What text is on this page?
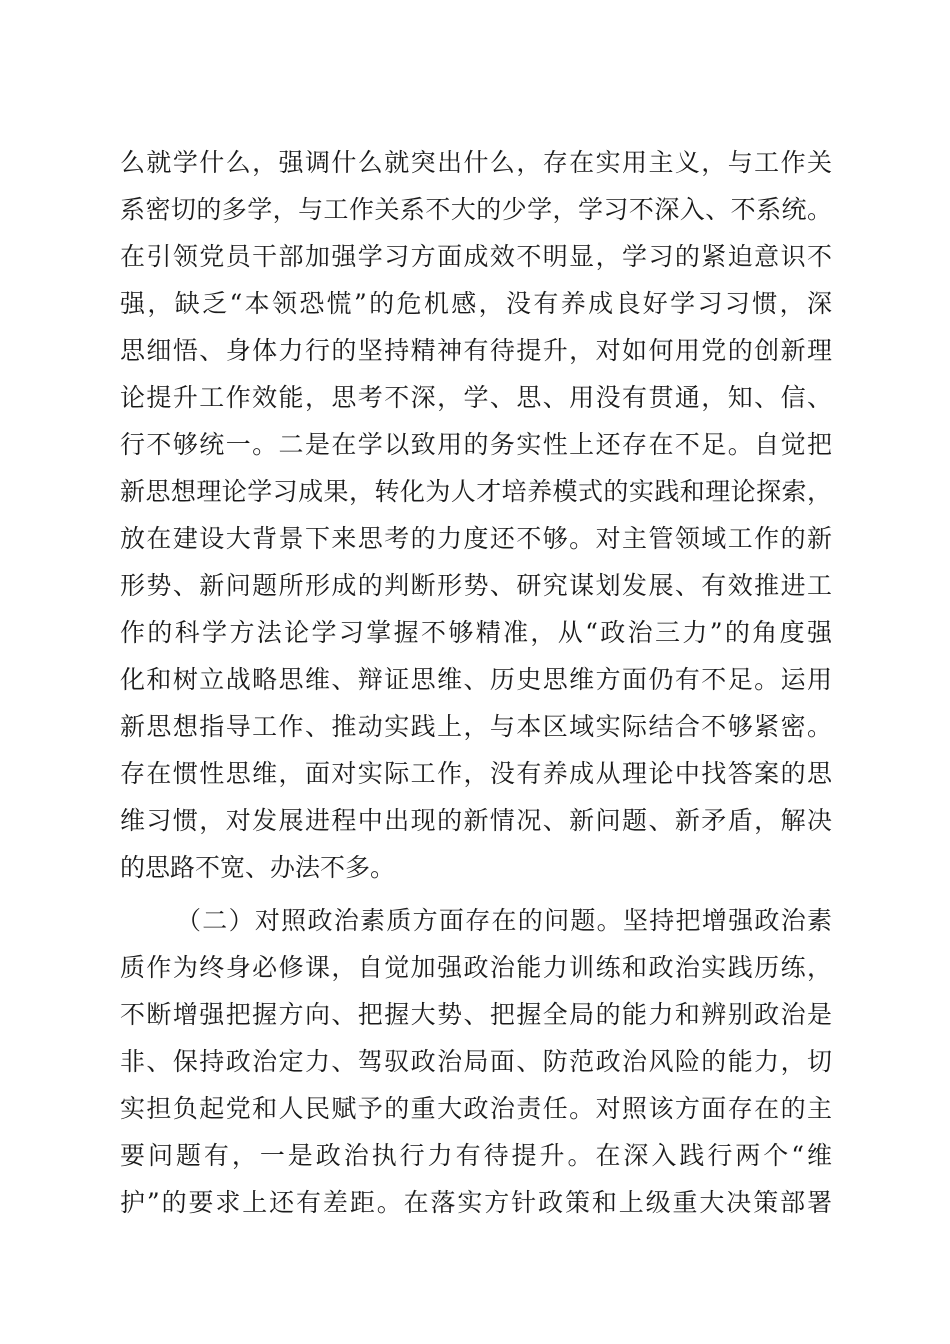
么就学什么，强调什么就突出什么，存在实用主义，与工作关
系密切的多学，与工作关系不大的少学，学习不深入、不系统。
在引领党员干部加强学习方面成效不明显，学习的紧迫意识不
强，缺乏“本领恐慌”的危机感，没有养成良好学习习惯，深
思细悟、身体力行的坚持精神有待提升，对如何用党的创新理
论提升工作效能，思考不深，学、思、用没有贯通，知、信、
行不够统一。二是在学以致用的务实性上还存在不足。自觉把
新思想理论学习成果，转化为人才培养模式的实践和理论探索，
放在建设大背景下来思考的力度还不够。对主管领域工作的新
形势、新问题所形成的判断形势、研究谋划发展、有效推进工
作的科学方法论学习掌握不够精准，从“政治三力”的角度强
化和树立战略思维、辩证思维、历史思维方面仍有不足。运用
新思想指导工作、推动实践上，与本区域实际结合不够紧密。
存在惯性思维，面对实际工作，没有养成从理论中找答案的思
维习惯，对发展进程中出现的新情况、新问题、新矛盾，解决
的思路不宽、办法不多。
（二）对照政治素质方面存在的问题。坚持把增强政治素
质作为终身必修课，自觉加强政治能力训练和政治实践历练，
不断增强把握方向、把握大势、把握全局的能力和辨别政治是
非、保持政治定力、驾驭政治局面、防范政治风险的能力，切
实担负起党和人民赋予的重大政治责任。对照该方面存在的主
要问题有，一是政治执行力有待提升。在深入践行两个“维
护”的要求上还有差距。在落实方针政策和上级重大决策部署
